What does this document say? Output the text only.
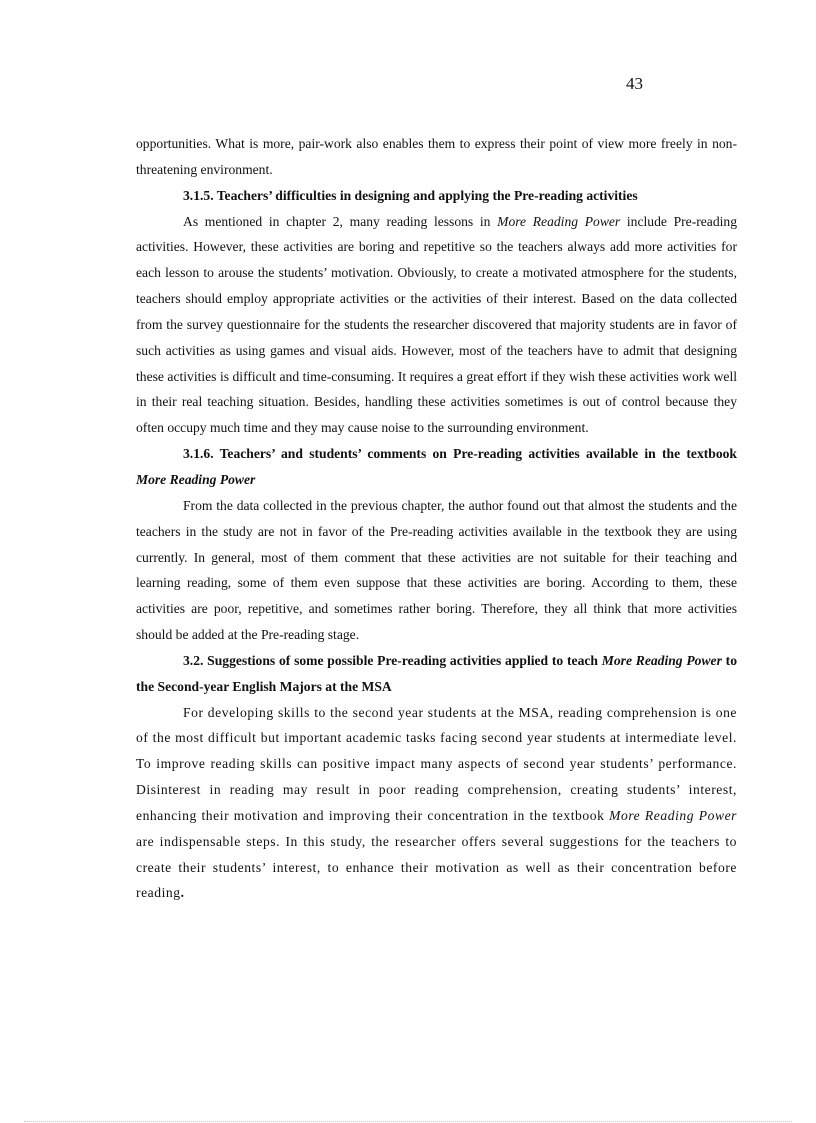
43

opportunities. What is more, pair-work also enables them to express their point of view more freely in non-threatening environment.

3.1.5. Teachers’ difficulties in designing and applying the Pre-reading activities

As mentioned in chapter 2, many reading lessons in More Reading Power include Pre-reading activities. However, these activities are boring and repetitive so the teachers always add more activities for each lesson to arouse the students’ motivation. Obviously, to create a motivated atmosphere for the students, teachers should employ appropriate activities or the activities of their interest. Based on the data collected from the survey questionnaire for the students the researcher discovered that majority students are in favor of such activities as using games and visual aids. However, most of the teachers have to admit that designing these activities is difficult and time-consuming. It requires a great effort if they wish these activities work well in their real teaching situation. Besides, handling these activities sometimes is out of control because they often occupy much time and they may cause noise to the surrounding environment.

3.1.6. Teachers’ and students’ comments on Pre-reading activities available in the textbook More Reading Power

From the data collected in the previous chapter, the author found out that almost the students and the teachers in the study are not in favor of the Pre-reading activities available in the textbook they are using currently. In general, most of them comment that these activities are not suitable for their teaching and learning reading, some of them even suppose that these activities are boring. According to them, these activities are poor, repetitive, and sometimes rather boring. Therefore, they all think that more activities should be added at the Pre-reading stage.

3.2. Suggestions of some possible Pre-reading activities applied to teach More Reading Power to the Second-year English Majors at the MSA

For developing skills to the second year students at the MSA, reading comprehension is one of the most difficult but important academic tasks facing second year students at intermediate level. To improve reading skills can positive impact many aspects of second year students’ performance. Disinterest in reading may result in poor reading comprehension, creating students’ interest, enhancing their motivation and improving their concentration in the textbook More Reading Power are indispensable steps. In this study, the researcher offers several suggestions for the teachers to create their students’ interest, to enhance their motivation as well as their concentration before reading.
